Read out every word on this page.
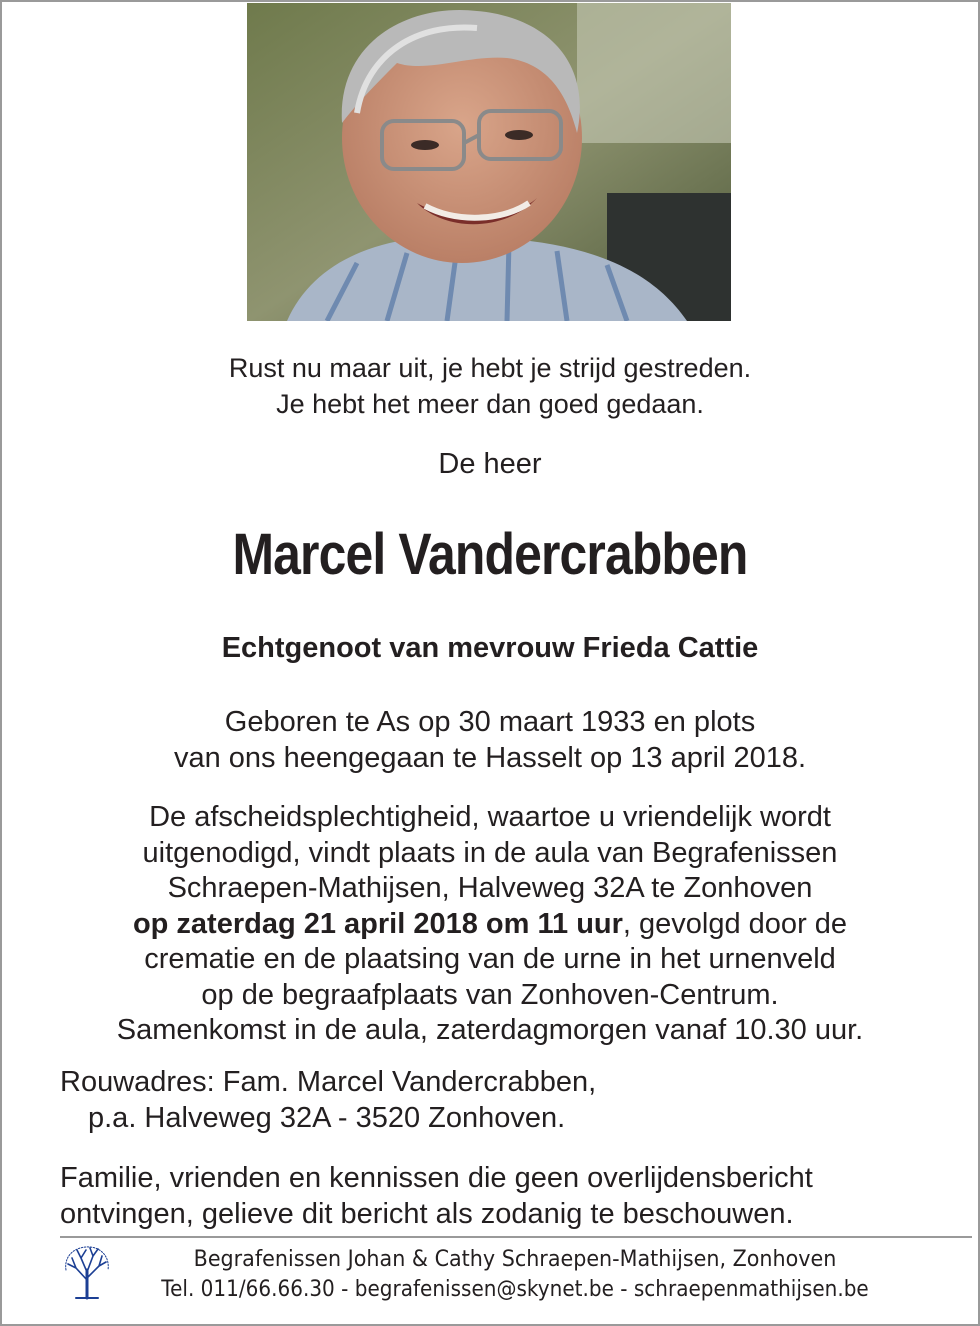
Rust nu maar uit, je hebt je strijd gestreden.
Je hebt het meer dan goed gedaan.
De heer
Marcel Vandercrabben
Echtgenoot van mevrouw Frieda Cattie
Geboren te As op 30 maart 1933 en plots
van ons heengegaan te Hasselt op 13 april 2018.
De afscheidsplechtigheid, waartoe u vriendelijk wordt
uitgenodigd, vindt plaats in de aula van Begrafenissen
Schraepen-Mathijsen, Halveweg 32A te Zonhoven
op zaterdag 21 april 2018 om 11 uur, gevolgd door de
crematie en de plaatsing van de urne in het urnenveld
op de begraafplaats van Zonhoven-Centrum.
Samenkomst in de aula, zaterdagmorgen vanaf 10.30 uur.
Rouwadres: Fam. Marcel Vandercrabben,
p.a. Halveweg 32A - 3520 Zonhoven.
Familie, vrienden en kennissen die geen overlijdensbericht
ontvingen, gelieve dit bericht als zodanig te beschouwen.
Begrafenissen Johan & Cathy Schraepen-Mathijsen, Zonhoven
Tel. 011/66.66.30 - begrafenissen@skynet.be - schraepenmathijsen.be
